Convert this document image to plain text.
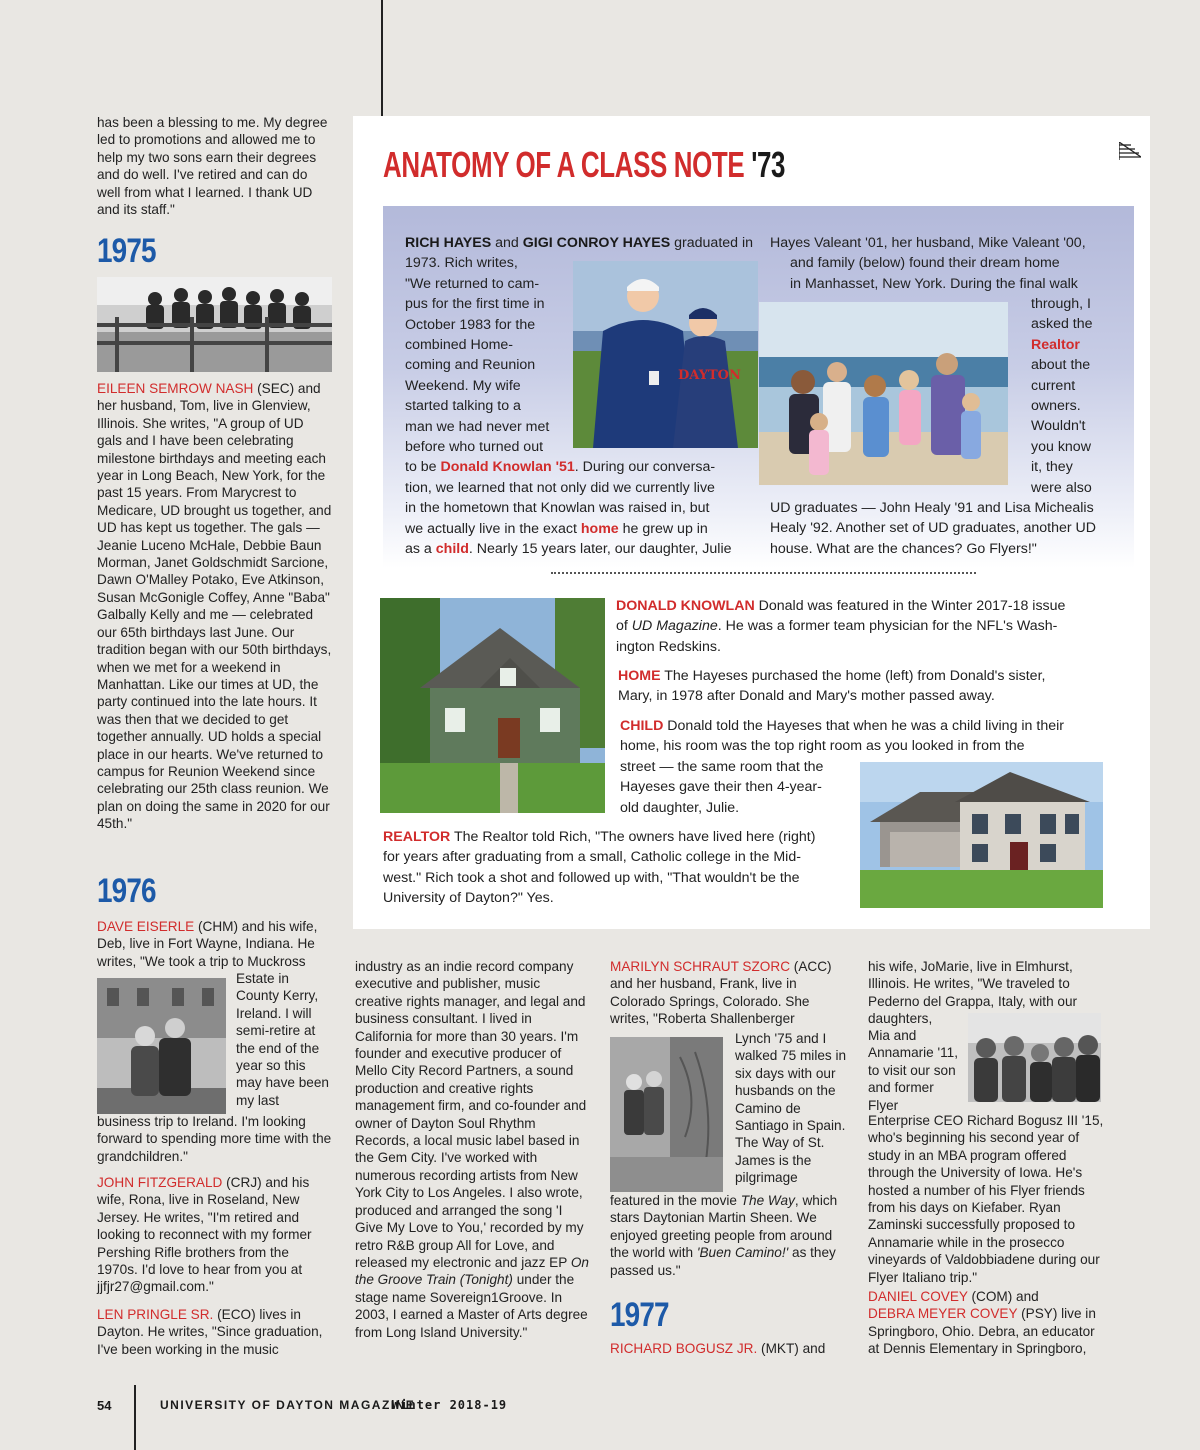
has been a blessing to me. My degree led to promotions and allowed me to help my two sons earn their degrees and do well. I've retired and can do well from what I learned. I thank UD and its staff."
1975
EILEEN SEMROW NASH (SEC) and her husband, Tom, live in Glenview, Illinois. She writes, "A group of UD gals and I have been celebrating milestone birthdays and meeting each year in Long Beach, New York, for the past 15 years. From Marycrest to Medicare, UD brought us together, and UD has kept us together. The gals — Jeanie Luceno McHale, Debbie Baun Morman, Janet Goldschmidt Sarcione, Dawn O'Malley Potako, Eve Atkinson, Susan McGonigle Coffey, Anne "Baba" Galbally Kelly and me — celebrated our 65th birthdays last June. Our tradition began with our 50th birthdays, when we met for a weekend in Manhattan. Like our times at UD, the party continued into the late hours. It was then that we decided to get together annually. UD holds a special place in our hearts. We've returned to campus for Reunion Weekend since celebrating our 25th class reunion. We plan on doing the same in 2020 for our 45th."
1976
DAVE EISERLE (CHM) and his wife, Deb, live in Fort Wayne, Indiana. He writes, "We took a trip to Muckross
Estate in County Kerry, Ireland. I will semi-retire at the end of the year so this may have been my last
business trip to Ireland. I'm looking forward to spending more time with the grandchildren."
JOHN FITZGERALD (CRJ) and his wife, Rona, live in Roseland, New Jersey. He writes, "I'm retired and looking to reconnect with my former Pershing Rifle brothers from the 1970s. I'd love to hear from you at jjfjr27@gmail.com."
LEN PRINGLE SR. (ECO) lives in Dayton. He writes, "Since graduation, I've been working in the music
ANATOMY OF A CLASS NOTE '73
RICH HAYES and GIGI CONROY HAYES graduated in 1973. Rich writes,
"We returned to cam-
pus for the first time in
October 1983 for the
combined Home-
coming and Reunion
Weekend. My wife
started talking to a
man we had never met
before who turned out
to be Donald Knowlan '51. During our conversa-
tion, we learned that not only did we currently live
in the hometown that Knowlan was raised in, but
we actually live in the exact home he grew up in
as a child. Nearly 15 years later, our daughter, Julie
DAYTON
Hayes Valeant '01, her husband, Mike Valeant '00,
and family (below) found their dream home
in Manhasset, New York. During the final walk
through, I
asked the
Realtor
about the
current
owners.
Wouldn't
you know
it, they
were also
UD graduates — John Healy '91 and Lisa Michealis
Healy '92. Another set of UD graduates, another UD
house. What are the chances? Go Flyers!"
DONALD KNOWLAN Donald was featured in the Winter 2017-18 issue
of UD Magazine. He was a former team physician for the NFL's Wash-
ington Redskins.
HOME The Hayeses purchased the home (left) from Donald's sister,
Mary, in 1978 after Donald and Mary's mother passed away.
CHILD Donald told the Hayeses that when he was a child living in their
home, his room was the top right room as you looked in from the
street — the same room that the
Hayeses gave their then 4-year-
old daughter, Julie.
REALTOR The Realtor told Rich, "The owners have lived here (right)
for years after graduating from a small, Catholic college in the Mid-
west." Rich took a shot and followed up with, "That wouldn't be the
University of Dayton?" Yes.
industry as an indie record company executive and publisher, music creative rights manager, and legal and business consultant. I lived in California for more than 30 years. I'm founder and executive producer of Mello City Record Partners, a sound production and creative rights management firm, and co-founder and owner of Dayton Soul Rhythm Records, a local music label based in the Gem City. I've worked with numerous recording artists from New York City to Los Angeles. I also wrote, produced and arranged the song 'I Give My Love to You,' recorded by my retro R&B group All for Love, and released my electronic and jazz EP On the Groove Train (Tonight) under the stage name Sovereign1Groove. In 2003, I earned a Master of Arts degree from Long Island University."
MARILYN SCHRAUT SZORC (ACC) and her husband, Frank, live in Colorado Springs, Colorado. She writes, "Roberta Shallenberger
Lynch '75 and I walked 75 miles in six days with our husbands on the Camino de Santiago in Spain. The Way of St. James is the pilgrimage
featured in the movie The Way, which stars Daytonian Martin Sheen. We enjoyed greeting people from around the world with 'Buen Camino!' as they passed us."
1977
RICHARD BOGUSZ JR. (MKT) and
his wife, JoMarie, live in Elmhurst, Illinois. He writes, "We traveled to Pederno del Grappa, Italy, with our daughters,
Mia and Annamarie '11, to visit our son and former Flyer
Enterprise CEO Richard Bogusz III '15, who's beginning his second year of study in an MBA program offered through the University of Iowa. He's hosted a number of his Flyer friends from his days on Kiefaber. Ryan Zaminski successfully proposed to Annamarie while in the prosecco vineyards of Valdobbiadene during our Flyer Italiano trip."
DANIEL COVEY (COM) and
DEBRA MEYER COVEY (PSY) live in Springboro, Ohio. Debra, an educator at Dennis Elementary in Springboro,
54	UNIVERSITY OF DAYTON MAGAZINE
Winter 2018-19
